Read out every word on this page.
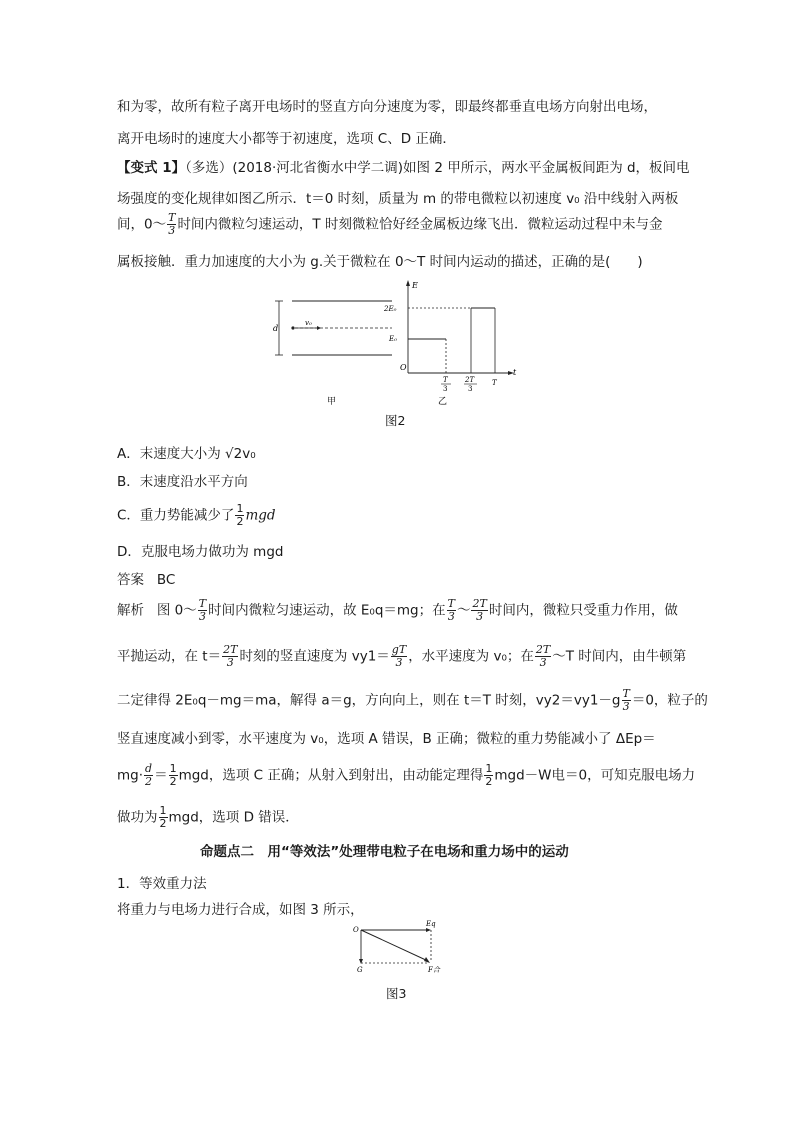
和为零，故所有粒子离开电场时的竖直方向分速度为零，即最终都垂直电场方向射出电场，
离开电场时的速度大小都等于初速度，选项 C、D 正确．
【变式 1】（多选）(2018·河北省衡水中学二调)如图 2 甲所示，两水平金属板间距为 d，板间电
场强度的变化规律如图乙所示．t＝0 时刻，质量为 m 的带电微粒以初速度 v₀ 沿中线射入两板
间，0～ $\frac{T}{3}$ 时间内微粒匀速运动，T 时刻微粒恰好经金属板边缘飞出．微粒运动过程中未与金
属板接触．重力加速度的大小为 g.关于微粒在 0～T 时间内运动的描述，正确的是(　　)
v₀
d
E
t
O
2E₀
E₀
T
3
2T
3
T
甲	乙
图2
A．末速度大小为 √2v₀
B．末速度沿水平方向
C．重力势能减少了 $\frac{1}{2}$ mgd
D．克服电场力做功为 mgd
答案 BC
解析 图 0～ $\frac{T}{3}$ 时间内微粒匀速运动，故 E₀q＝mg；在 $\frac{T}{3}$ ～ $\frac{2T}{3}$ 时间内，微粒只受重力作用，做
平抛运动，在 $t= \frac{2T}{3}$ 时刻的竖直速度为 $vy1= \frac{gT}{3}$ ，水平速度为 v₀；在 $\frac{2T}{3}$ ～T 时间内，由牛顿第
二定律得 2E₀q－mg＝ma，解得 a＝g，方向向上，则在 t＝T 时刻，$vy2=vy1-g \frac{T}{3} =0$，粒子的
竖直速度减小到零，水平速度为 v₀，选项 A 错误，B 正确；微粒的重力势能减小了 ΔEp＝
$mg\cdot \frac{d}{2} = \frac{1}{2}$ mgd，选项 C 正确；从射入到射出，由动能定理得 $\frac{1}{2} mgd-W$电＝0，可知克服电场力
做功为 $\frac{1}{2}$ mgd，选项 D 错误．
命题点二　用“等效法”处理带电粒子在电场和重力场中的运动
1．等效重力法
将重力与电场力进行合成，如图 3 所示，
O
Eq
G	F合
图3
